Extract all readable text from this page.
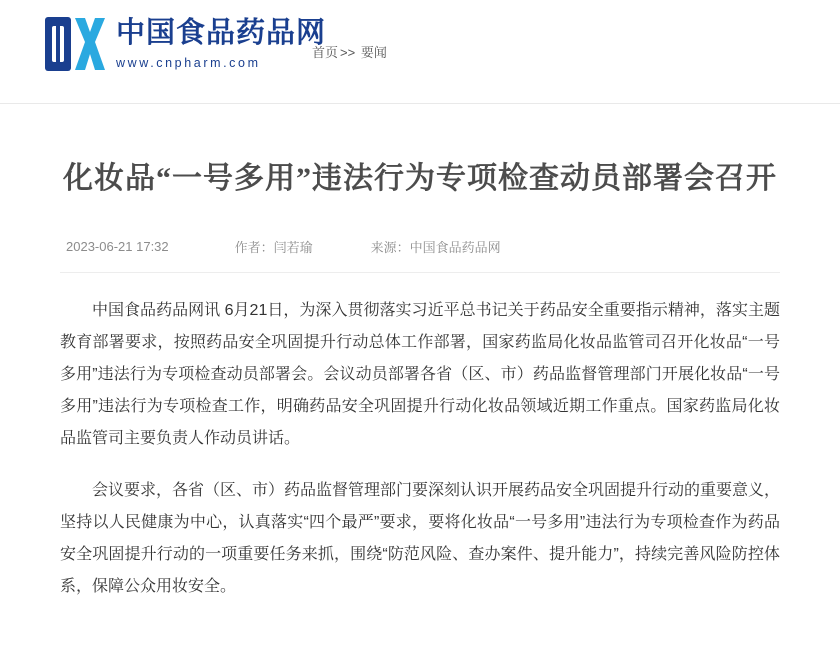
中国食品药品网
www.cnpharm.com
首页 >> 要闻
化妆品“一号多用”违法行为专项检查动员部署会召开
2023-06-21 17:32	作者：闫若瑜	来源：中国食品药品网

中国食品药品网讯 6月21日，为深入贯彻落实习近平总书记关于药品安全重要指示精神，落实主题教育部署要求，按照药品安全巩固提升行动总体工作部署，国家药监局化妆品监管司召开化妆品“一号多用”违法行为专项检查动员部署会。会议动员部署各省（区、市）药品监督管理部门开展化妆品“一号多用”违法行为专项检查工作，明确药品安全巩固提升行动化妆品领域近期工作重点。国家药监局化妆品监管司主要负责人作动员讲话。

会议要求，各省（区、市）药品监督管理部门要深刻认识开展药品安全巩固提升行动的重要意义，坚持以人民健康为中心，认真落实“四个最严”要求，要将化妆品“一号多用”违法行为专项检查作为药品安全巩固提升行动的一项重要任务来抓，围绕“防范风险、查办案件、提升能力”，持续完善风险防控体系，保障公众用妆安全。
